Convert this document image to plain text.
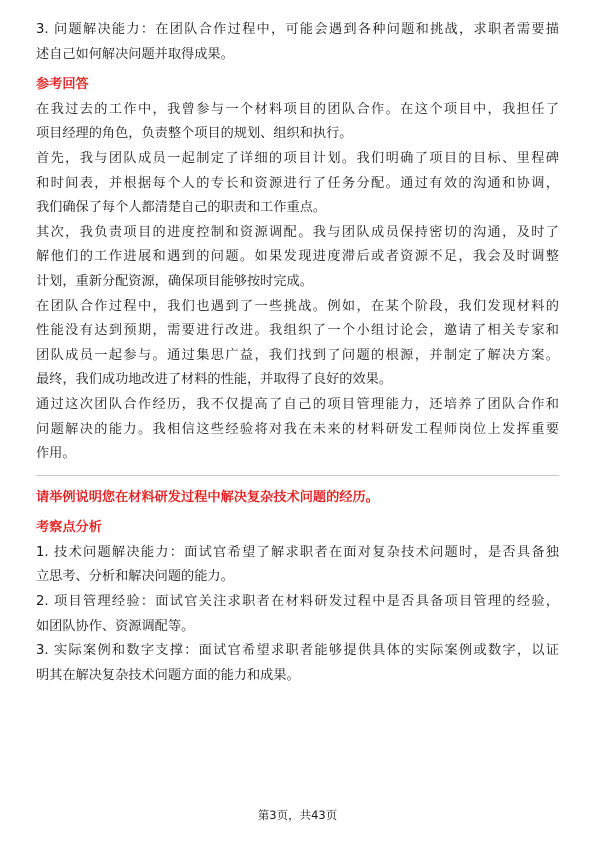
3. 问题解决能力：在团队合作过程中，可能会遇到各种问题和挑战，求职者需要描
述自己如何解决问题并取得成果。
参考回答
在我过去的工作中，我曾参与一个材料项目的团队合作。在这个项目中，我担任了
项目经理的角色，负责整个项目的规划、组织和执行。
首先，我与团队成员一起制定了详细的项目计划。我们明确了项目的目标、里程碑
和时间表，并根据每个人的专长和资源进行了任务分配。通过有效的沟通和协调，
我们确保了每个人都清楚自己的职责和工作重点。
其次，我负责项目的进度控制和资源调配。我与团队成员保持密切的沟通，及时了
解他们的工作进展和遇到的问题。如果发现进度滞后或者资源不足，我会及时调整
计划，重新分配资源，确保项目能够按时完成。
在团队合作过程中，我们也遇到了一些挑战。例如，在某个阶段，我们发现材料的
性能没有达到预期，需要进行改进。我组织了一个小组讨论会，邀请了相关专家和
团队成员一起参与。通过集思广益，我们找到了问题的根源，并制定了解决方案。
最终，我们成功地改进了材料的性能，并取得了良好的效果。
通过这次团队合作经历，我不仅提高了自己的项目管理能力，还培养了团队合作和
问题解决的能力。我相信这些经验将对我在未来的材料研发工程师岗位上发挥重要
作用。
请举例说明您在材料研发过程中解决复杂技术问题的经历。
考察点分析
1. 技术问题解决能力：面试官希望了解求职者在面对复杂技术问题时，是否具备独
立思考、分析和解决问题的能力。
2. 项目管理经验：面试官关注求职者在材料研发过程中是否具备项目管理的经验，
如团队协作、资源调配等。
3. 实际案例和数字支撑：面试官希望求职者能够提供具体的实际案例或数字，以证
明其在解决复杂技术问题方面的能力和成果。
第3页，共43页
